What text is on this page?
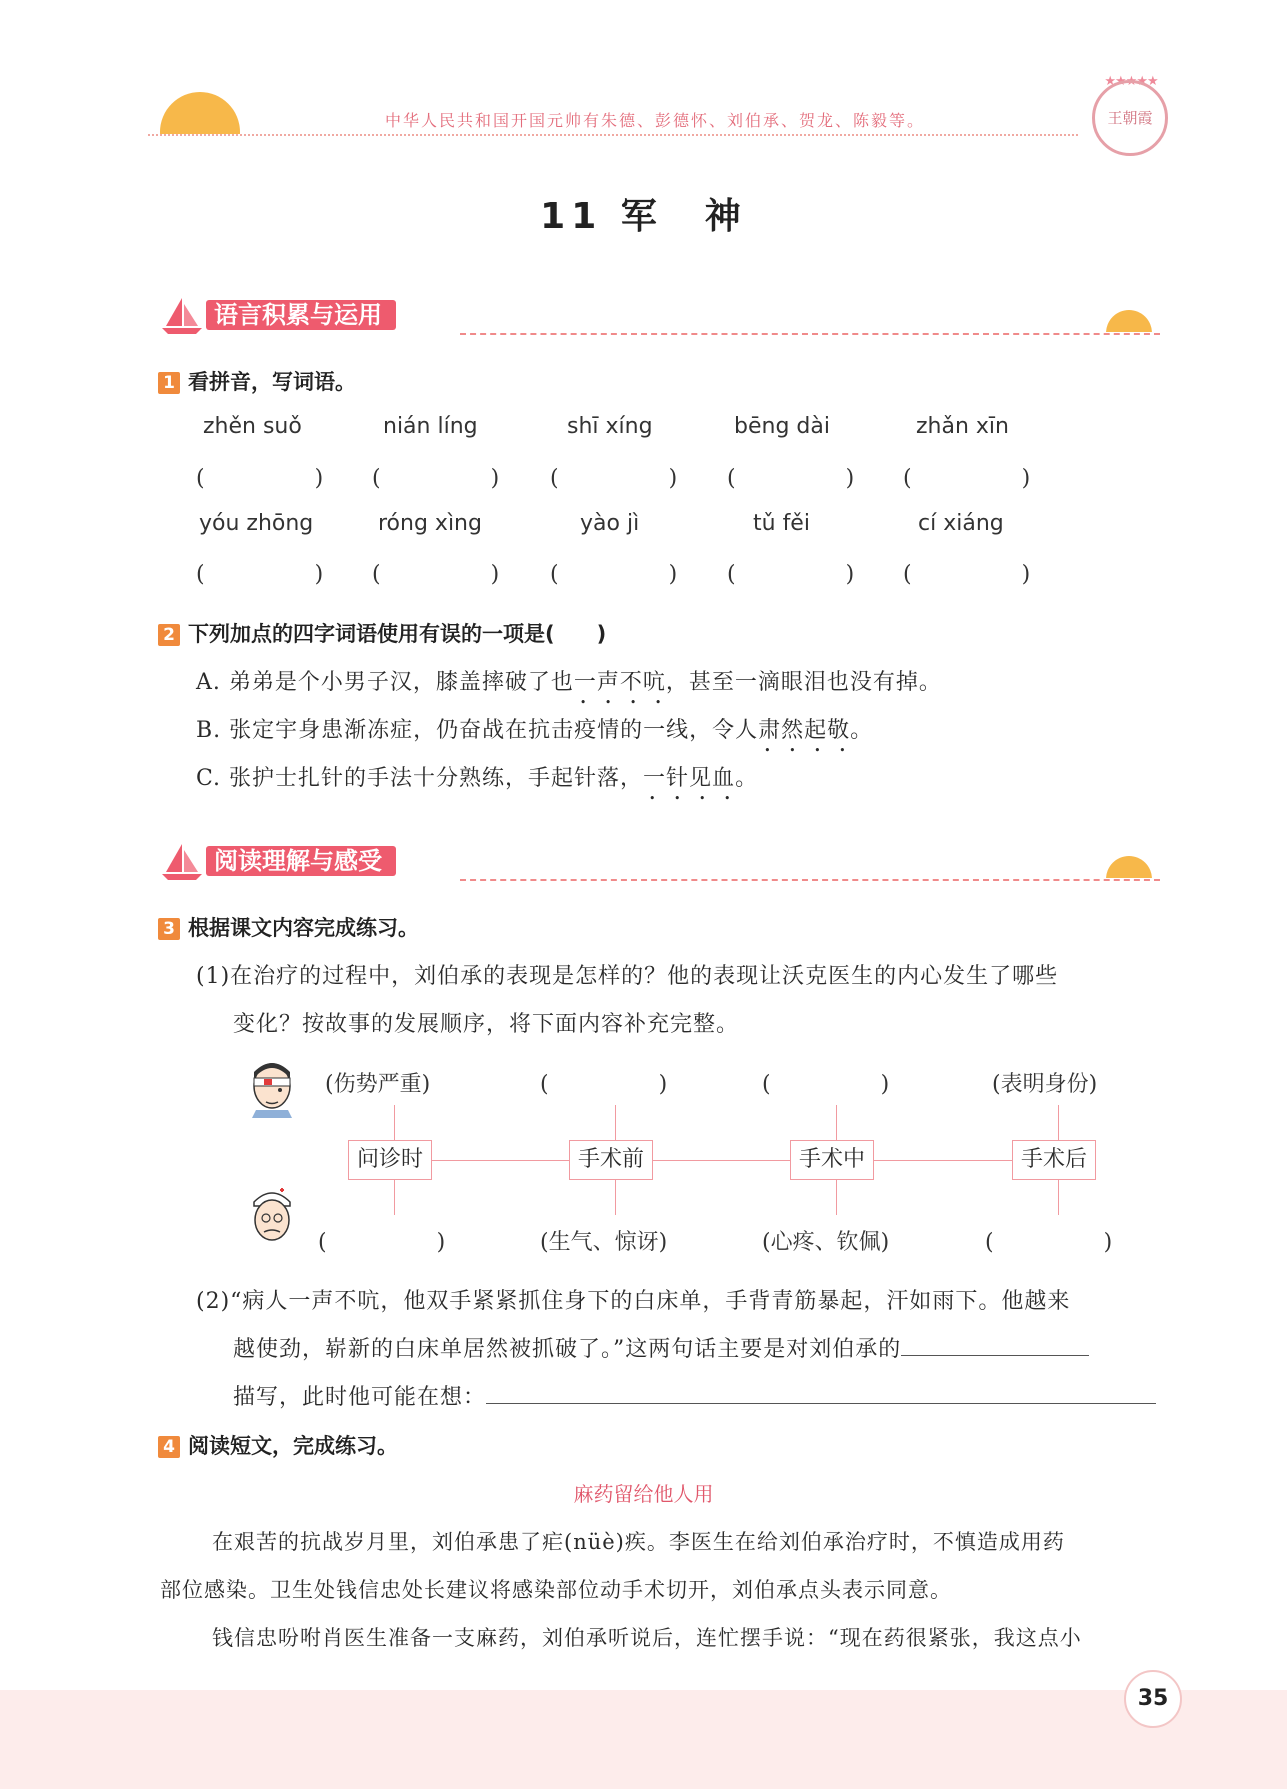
中华人民共和国开国元帅有朱德、彭德怀、刘伯承、贺龙、陈毅等。
★★★★★
王朝霞
11 军　神
语言积累与运用
1 看拼音，写词语。
zhěn suǒ	nián líng	shī xíng	bēng dài	zhǎn xīn
(　　　　　) (　　　　　) (　　　　　) (　　　　　) (　　　　　)
yóu zhōng	róng xìng	yào jì	tǔ fěi	cí xiáng
(　　　　　) (　　　　　) (　　　　　) (　　　　　) (　　　　　)
2 下列加点的四字词语使用有误的一项是(　　)
A. 弟弟是个小男子汉，膝盖摔破了也一声不吭 • •，甚至一滴眼泪也没有掉。
B. 张定宇身患渐冻症，仍奋战在抗击疫情的一线，令人肃然起敬 • •。
C. 张护士扎针的手法十分熟练，手起针落，一针见血 • •。
阅读理解与感受
3 根据课文内容完成练习。
(1)在治疗的过程中，刘伯承的表现是怎样的？他的表现让沃克医生的内心发生了哪些
变化？按故事的发展顺序，将下面内容补充完整。
(伤势严重)	(　　　　　)	(　　　　　)	(表明身份)
问诊时	手术前	手术中	手术后
(　　　　　)	(生气、惊讶)	(心疼、钦佩)	(　　　　　)
(2)“病人一声不吭，他双手紧紧抓住身下的白床单，手背青筋暴起，汗如雨下。他越来
越使劲，崭新的白床单居然被抓破了。”这两句话主要是对刘伯承的
描写，此时他可能在想：
4 阅读短文，完成练习。
麻药留给他人用
在艰苦的抗战岁月里，刘伯承患了疟(nüè)疾。李医生在给刘伯承治疗时，不慎造成用药
部位感染。卫生处钱信忠处长建议将感染部位动手术切开，刘伯承点头表示同意。
钱信忠吩咐肖医生准备一支麻药，刘伯承听说后，连忙摆手说：“现在药很紧张，我这点小
35
